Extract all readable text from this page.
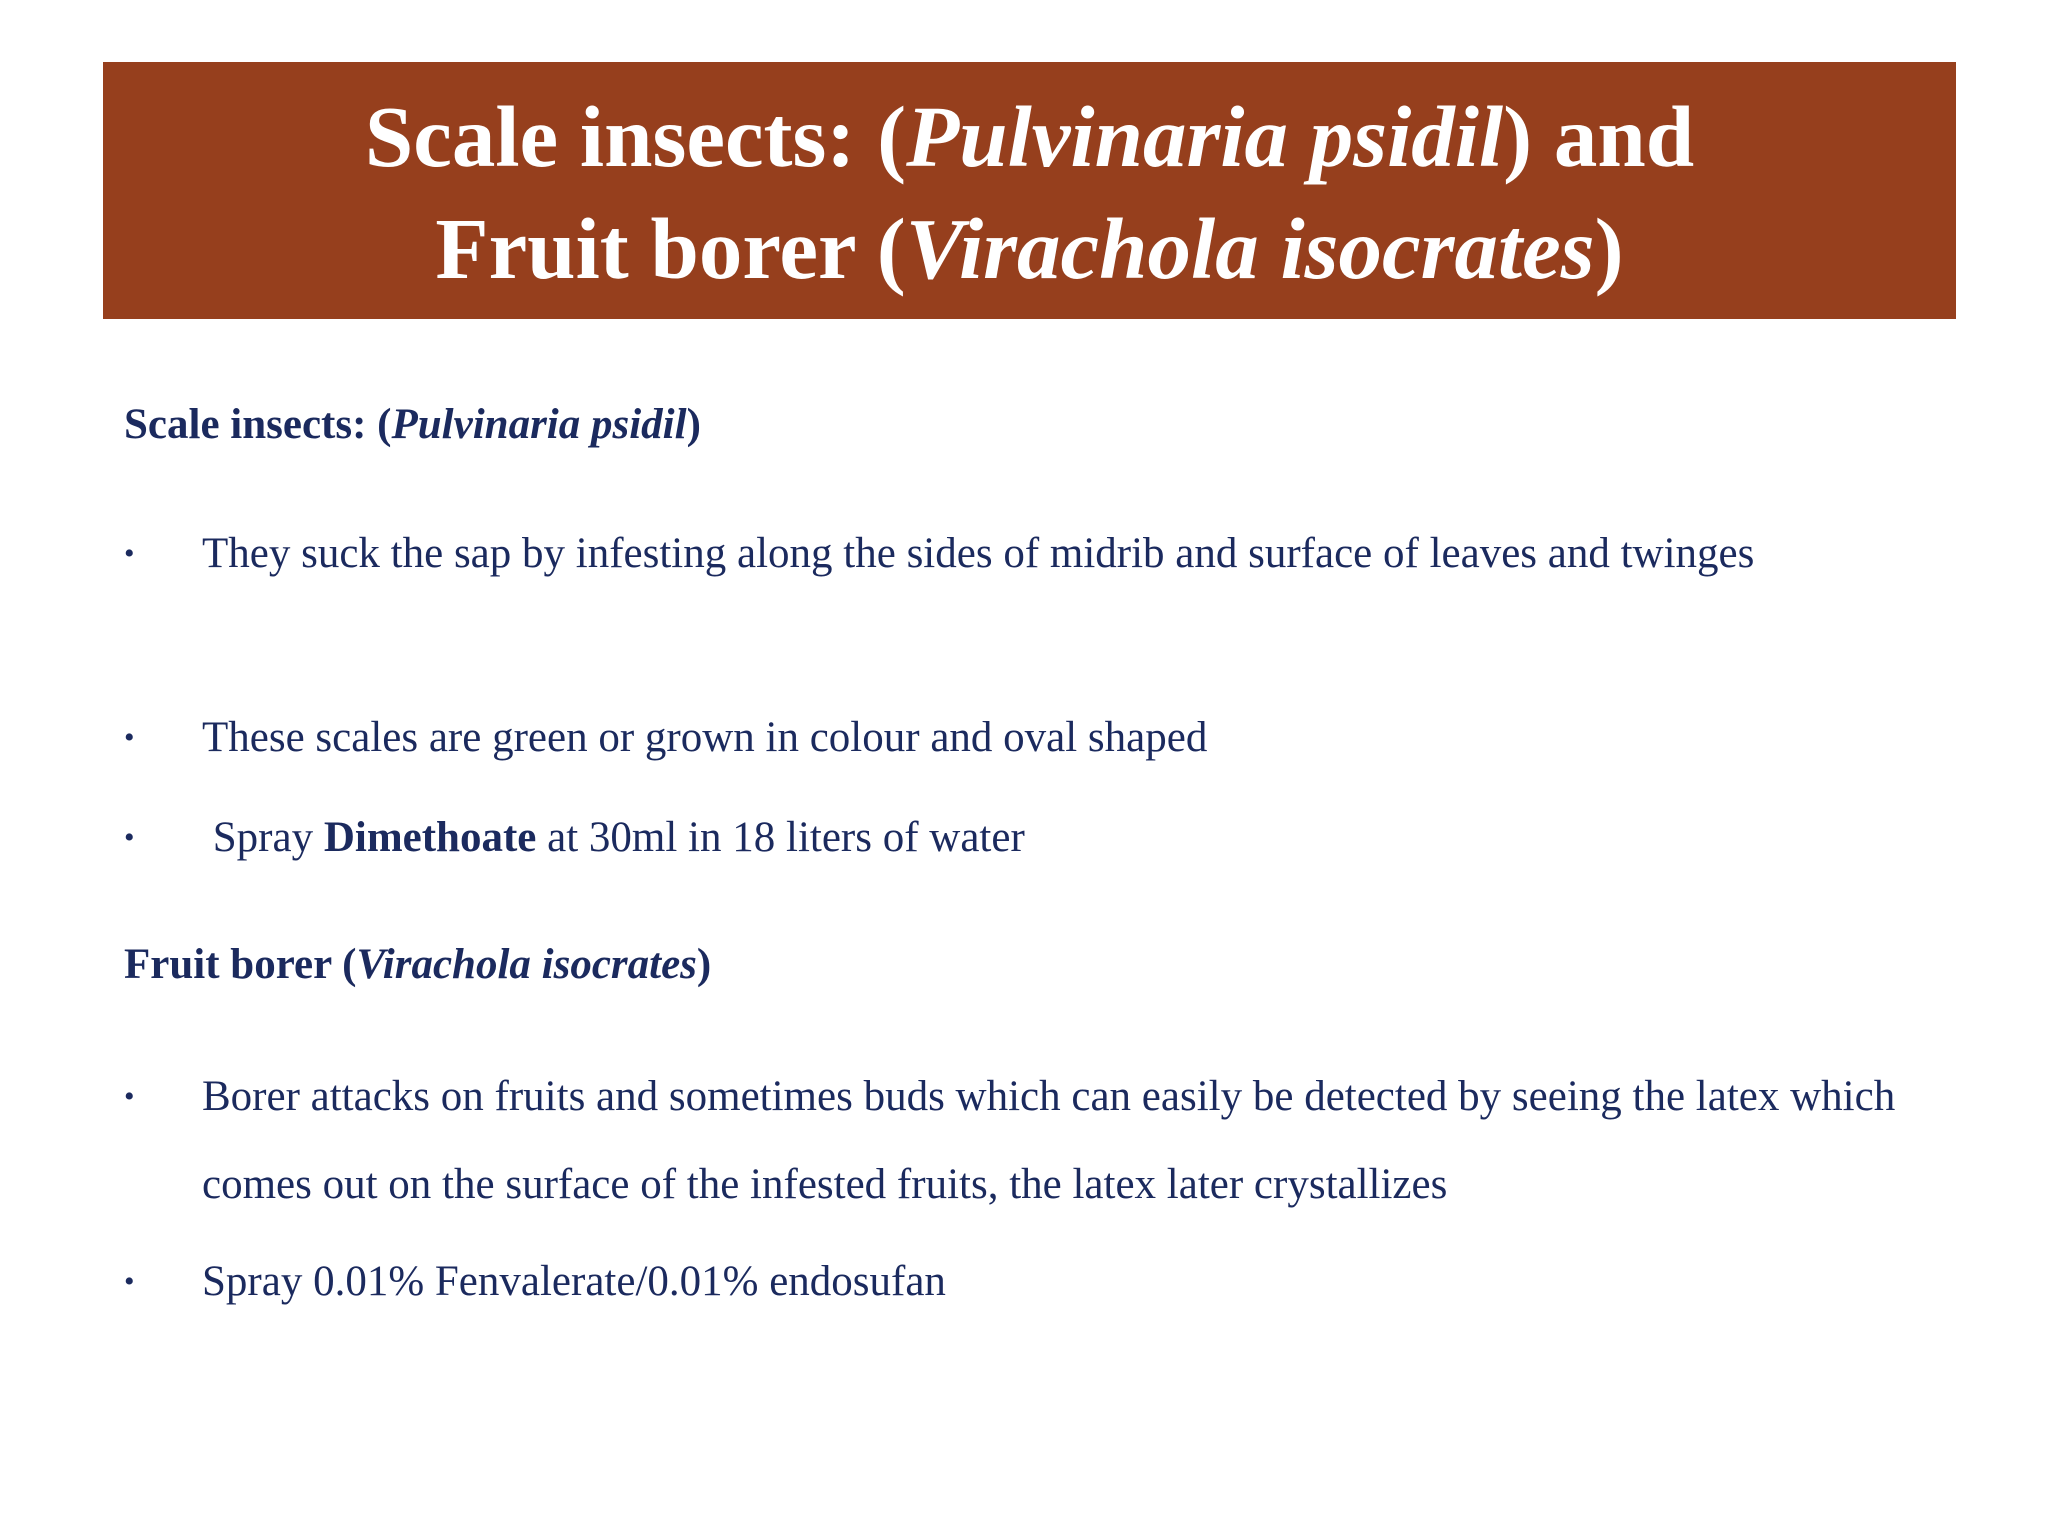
Scale insects: (Pulvinaria psidil) and
Fruit borer (Virachola isocrates)
Scale insects: (Pulvinaria psidil)
• They suck the sap by infesting along the sides of midrib and surface of leaves and twinges
• These scales are green or grown in colour and oval shaped
• Spray Dimethoate at 30ml in 18 liters of water
Fruit borer (Virachola isocrates)
• Borer attacks on fruits and sometimes buds which can easily be detected by seeing the latex which comes out on the surface of the infested fruits, the latex later crystallizes
• Spray 0.01% Fenvalerate/0.01% endosufan
